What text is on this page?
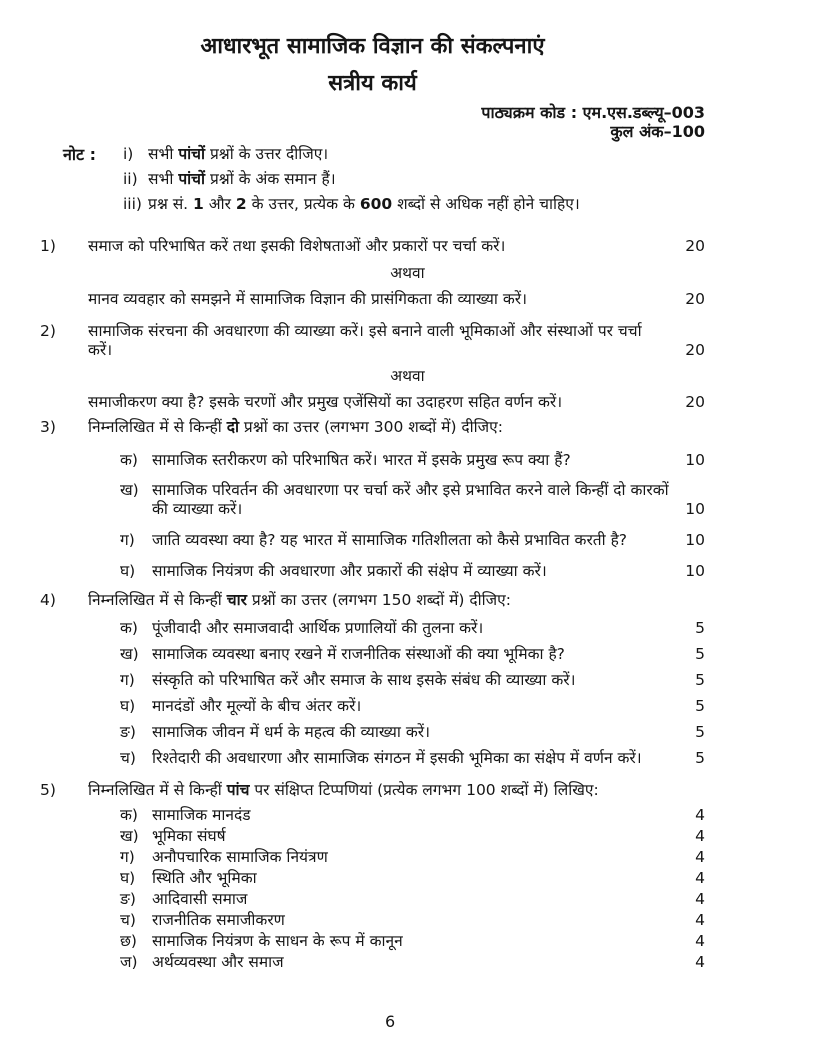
आधारभूत सामाजिक विज्ञान की संकल्पनाएं
सत्रीय कार्य
पाठ्यक्रम कोड : एम.एस.डब्ल्यू–003
कुल अंक–100
नोट :	i) सभी पांचों प्रश्नों के उत्तर दीजिए।
ii) सभी पांचों प्रश्नों के अंक समान हैं।
iii) प्रश्न सं. 1 और 2 के उत्तर, प्रत्येक के 600 शब्दों से अधिक नहीं होने चाहिए।
1)	समाज को परिभाषित करें तथा इसकी विशेषताओं और प्रकारों पर चर्चा करें।	20
अथवा
मानव व्यवहार को समझने में सामाजिक विज्ञान की प्रासंगिकता की व्याख्या करें।	20
2)	सामाजिक संरचना की अवधारणा की व्याख्या करें। इसे बनाने वाली भूमिकाओं और संस्थाओं पर चर्चा करें।	20
अथवा
समाजीकरण क्या है? इसके चरणों और प्रमुख एजेंसियों का उदाहरण सहित वर्णन करें।	20
3)	निम्नलिखित में से किन्हीं दो प्रश्नों का उत्तर (लगभग 300 शब्दों में) दीजिए:
क) सामाजिक स्तरीकरण को परिभाषित करें। भारत में इसके प्रमुख रूप क्या हैं?	10
ख) सामाजिक परिवर्तन की अवधारणा पर चर्चा करें और इसे प्रभावित करने वाले किन्हीं दो कारकों की व्याख्या करें।	10
ग)	जाति व्यवस्था क्या है? यह भारत में सामाजिक गतिशीलता को कैसे प्रभावित करती है?	10
घ)	सामाजिक नियंत्रण की अवधारणा और प्रकारों की संक्षेप में व्याख्या करें।	10
4)	निम्नलिखित में से किन्हीं चार प्रश्नों का उत्तर (लगभग 150 शब्दों में) दीजिए:
क) पूंजीवादी और समाजवादी आर्थिक प्रणालियों की तुलना करें।	5
ख) सामाजिक व्यवस्था बनाए रखने में राजनीतिक संस्थाओं की क्या भूमिका है?	5
ग)	संस्कृति को परिभाषित करें और समाज के साथ इसके संबंध की व्याख्या करें।	5
घ)	मानदंडों और मूल्यों के बीच अंतर करें।	5
ङ)	सामाजिक जीवन में धर्म के महत्व की व्याख्या करें।	5
च)	रिश्तेदारी की अवधारणा और सामाजिक संगठन में इसकी भूमिका का संक्षेप में वर्णन करें।	5
5)	निम्नलिखित में से किन्हीं पांच पर संक्षिप्त टिप्पणियां (प्रत्येक लगभग 100 शब्दों में) लिखिए:
क) सामाजिक मानदंड	4
ख) भूमिका संघर्ष	4
ग)	अनौपचारिक सामाजिक नियंत्रण	4
घ)	स्थिति और भूमिका	4
ङ)	आदिवासी समाज	4
च)	राजनीतिक समाजीकरण	4
छ) सामाजिक नियंत्रण के साधन के रूप में कानून	4
ज) अर्थव्यवस्था और समाज	4
6
